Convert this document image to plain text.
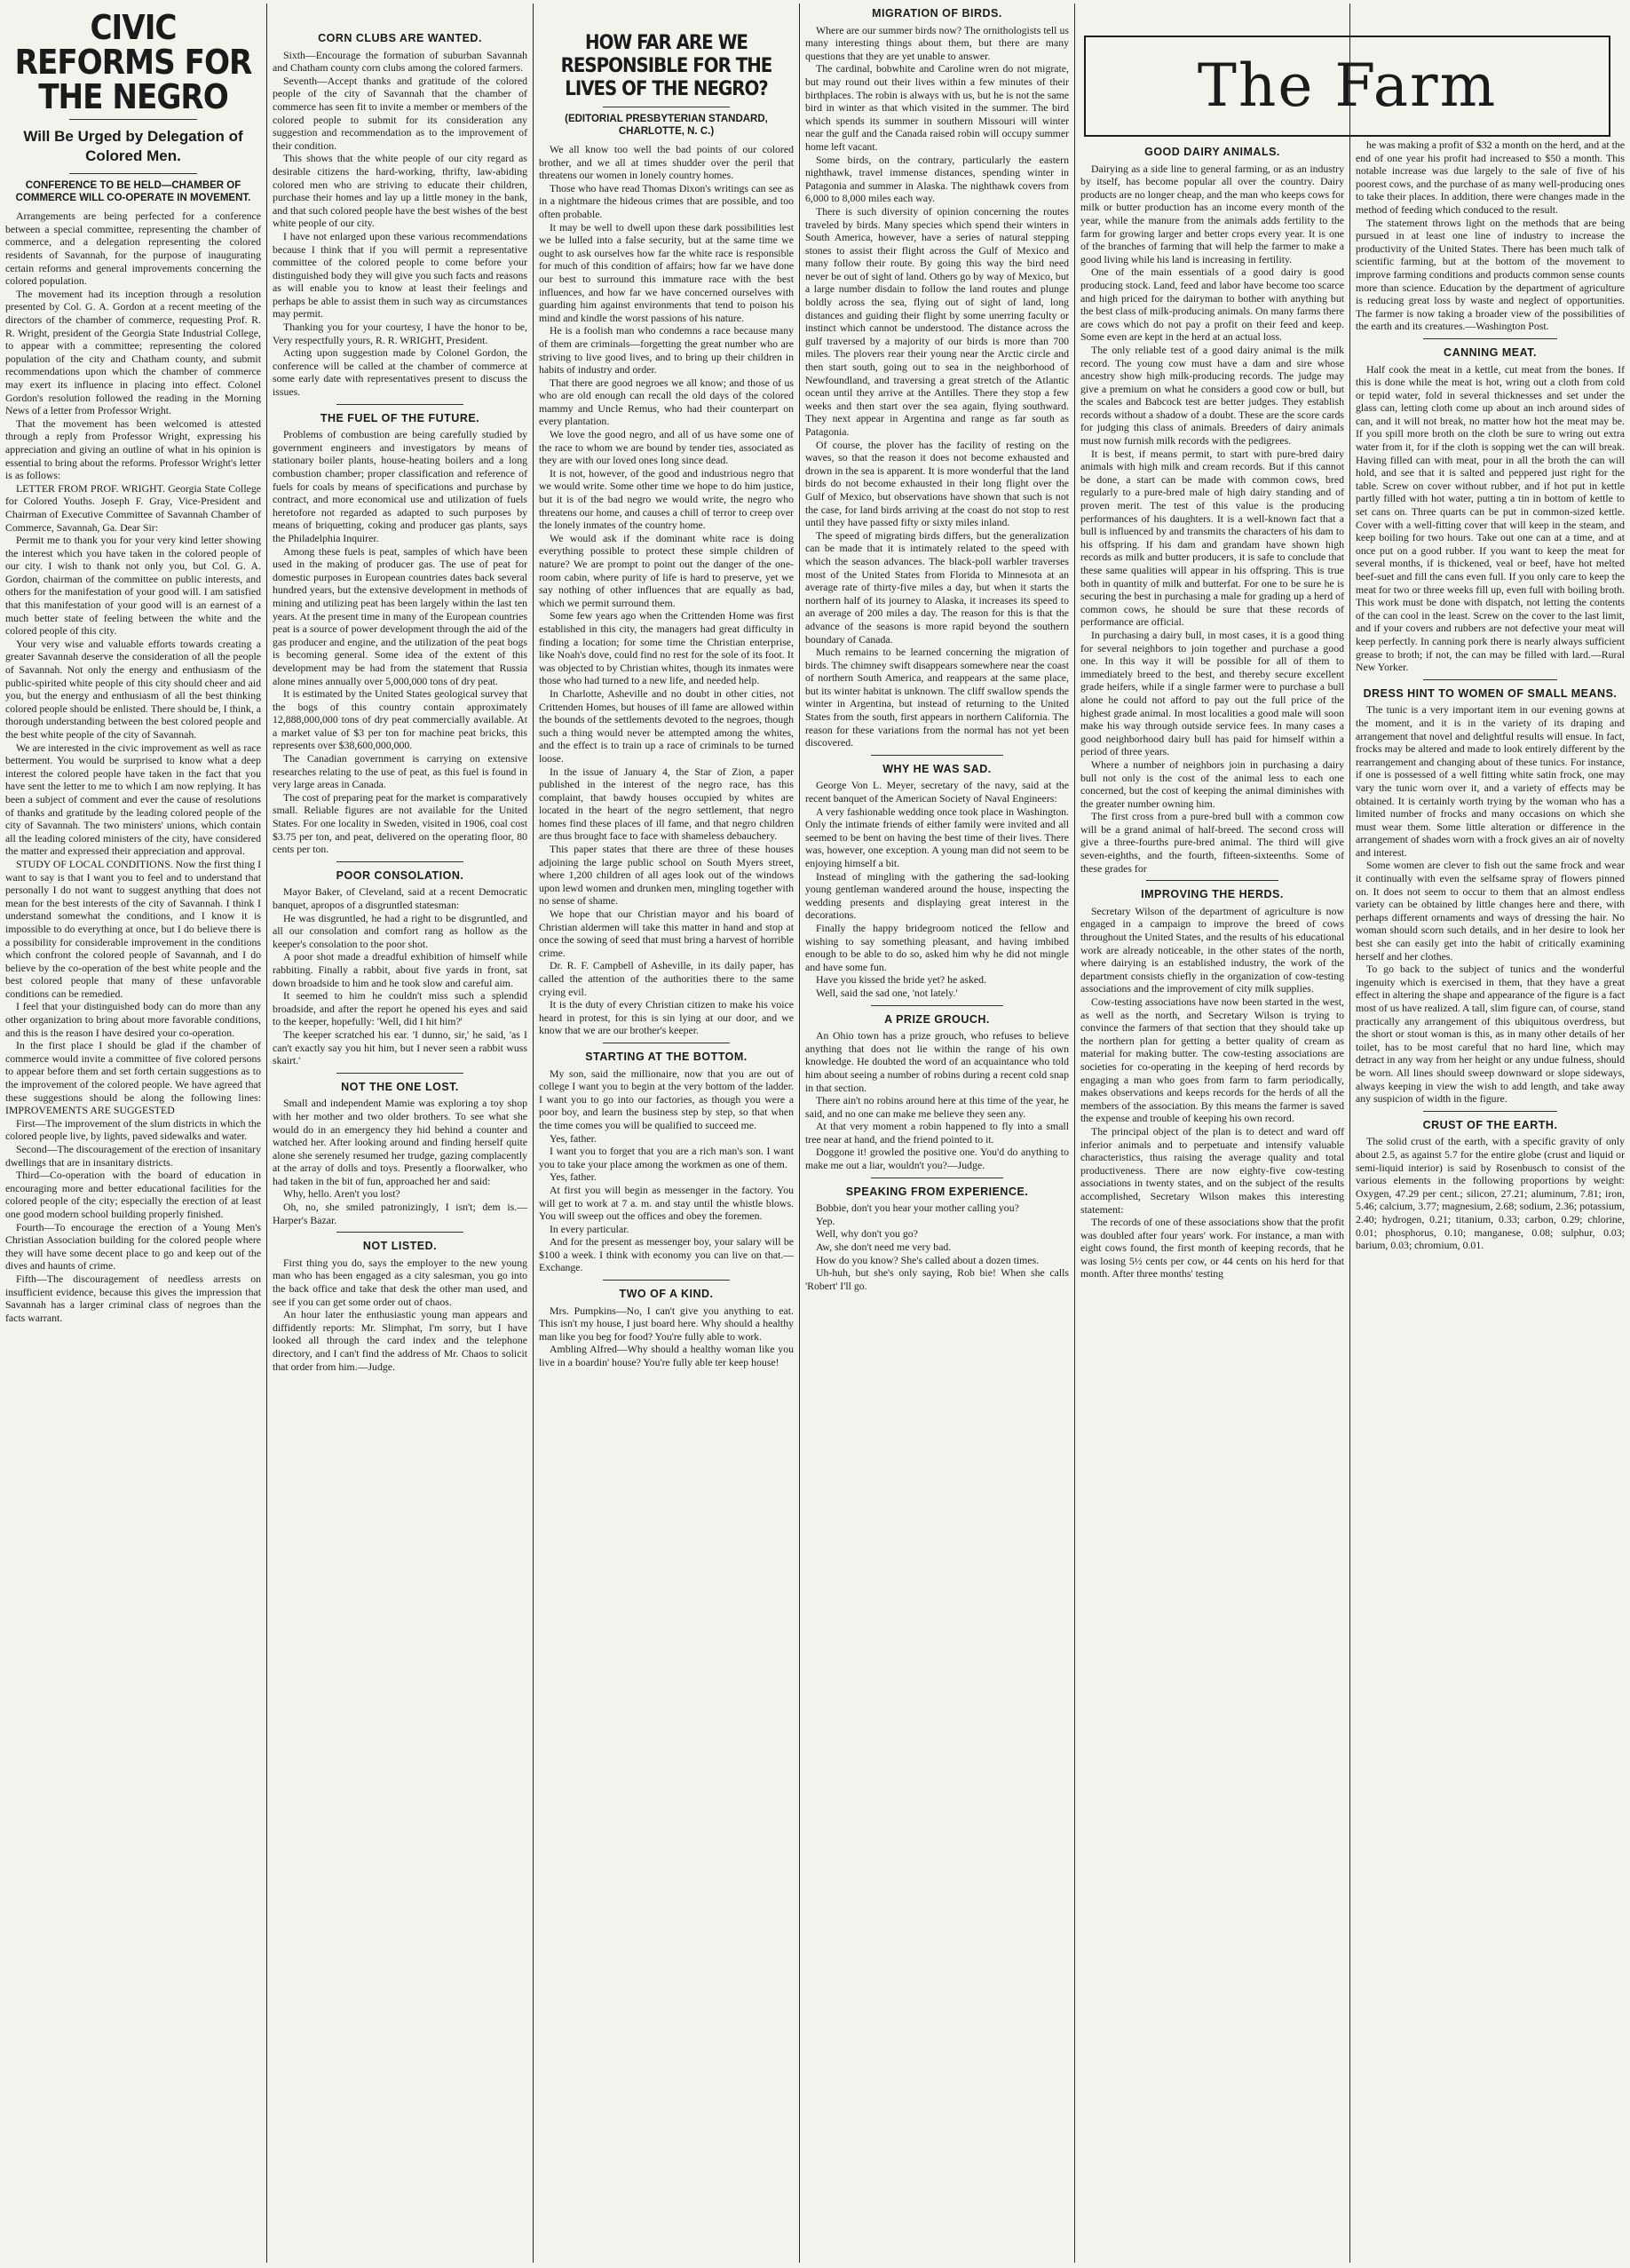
CIVIC REFORMS FOR THE NEGRO
Will Be Urged by Delegation of Colored Men.
CONFERENCE TO BE HELD—CHAMBER OF COMMERCE WILL CO-OPERATE IN MOVEMENT.

Arrangements are being perfected for a conference between a special committee, representing the chamber of commerce, and a delegation representing the colored residents of Savannah, for the purpose of inaugurating certain reforms and general improvements concerning the colored population.

The movement had its inception through a resolution presented by Col. G. A. Gordon at a recent meeting of the directors of the chamber of commerce, requesting Prof. R. R. Wright, president of the Georgia State Industrial College, to appear with a committee; representing the colored population of the city and Chatham county, and submit recommendations upon which the chamber of commerce may exert its influence in placing into effect. Colonel Gordon's resolution followed the reading in the Morning News of a letter from Professor Wright.

That the movement has been welcomed is attested through a reply from Professor Wright, expressing his appreciation and giving an outline of what in his opinion is essential to bring about the reforms. Professor Wright's letter is as follows:

LETTER FROM PROF. WRIGHT. Georgia State College for Colored Youths. Joseph F. Gray, Vice-President and Chairman of Executive Committee of Savannah Chamber of Commerce, Savannah, Ga. Dear Sir:

Permit me to thank you for your very kind letter showing the interest which you have taken in the colored people of our city. I wish to thank not only you, but Col. G. A. Gordon, chairman of the committee on public interests, and others for the manifestation of your good will. I am satisfied that this manifestation of your good will is an earnest of a much better state of feeling between the white and the colored people of this city.

Your very wise and valuable efforts towards creating a greater Savannah deserve the consideration of all the people of Savannah. Not only the energy and enthusiasm of the public-spirited white people of this city should cheer and aid you, but the energy and enthusiasm of all the best thinking colored people should be enlisted. There should be, I think, a thorough understanding between the best colored people and the best white people of the city of Savannah.

We are interested in the civic improvement as well as race betterment. You would be surprised to know what a deep interest the colored people have taken in the fact that you have sent the letter to me to which I am now replying. It has been a subject of comment and ever the cause of resolutions of thanks and gratitude by the leading colored people of the city of Savannah. The two ministers' unions, which contain all the leading colored ministers of the city, have considered the matter and expressed their appreciation and approval.

STUDY OF LOCAL CONDITIONS. Now the first thing I want to say is that I want you to feel and to understand that personally I do not want to suggest anything that does not mean for the best interests of the city of Savannah. I think I understand somewhat the conditions, and I know it is impossible to do everything at once, but I do believe there is a possibility for considerable improvement in the conditions which confront the colored people of Savannah, and I do believe by the co-operation of the best white people and the best colored people that many of these unfavorable conditions can be remedied.

I feel that your distinguished body can do more than any other organization to bring about more favorable conditions, and this is the reason I have desired your co-operation.

In the first place I should be glad if the chamber of commerce would invite a committee of five colored persons to appear before them and set forth certain suggestions as to the improvement of the colored people. We have agreed that these suggestions should be along the following lines: IMPROVEMENTS ARE SUGGESTED

First—The improvement of the slum districts in which the colored people live, by lights, paved sidewalks and water.

Second—The discouragement of the erection of insanitary dwellings that are in insanitary districts.

Third—Co-operation with the board of education in encouraging more and better educational facilities for the colored people of the city; especially the erection of at least one good modern school building properly finished.

Fourth—To encourage the erection of a Young Men's Christian Association building for the colored people where they will have some decent place to go and keep out of the dives and haunts of crime.

Fifth—The discouragement of needless arrests on insufficient evidence, because this gives the impression that Savannah has a larger criminal class of negroes than the facts warrant.

CORN CLUBS ARE WANTED.

Sixth—Encourage the formation of suburban Savannah and Chatham county corn clubs among the colored farmers.

Seventh—Accept thanks and gratitude of the colored people of the city of Savannah that the chamber of commerce has seen fit to invite a member or members of the colored people to submit for its consideration any suggestion and recommendation as to the improvement of their condition.

This shows that the white people of our city regard as desirable citizens the hard-working, thrifty, law-abiding colored men who are striving to educate their children, purchase their homes and lay up a little money in the bank, and that such colored people have the best wishes of the best white people of our city.

I have not enlarged upon these various recommendations because I think that if you will permit a representative committee of the colored people to come before your distinguished body they will give you such facts and reasons as will enable you to know at least their feelings and perhaps be able to assist them in such way as circumstances may permit.

Thanking you for your courtesy, I have the honor to be, Very respectfully yours, R. R. WRIGHT, President.

Acting upon suggestion made by Colonel Gordon, the conference will be called at the chamber of commerce at some early date with representatives present to discuss the issues.

THE FUEL OF THE FUTURE.

Problems of combustion are being carefully studied by government engineers and investigators by means of stationary boiler plants, house-heating boilers and a long combustion chamber; proper classification and reference of fuels for coals by means of specifications and purchase by contract, and more economical use and utilization of fuels heretofore not regarded as adapted to such purposes by means of briquetting, coking and producer gas plants, says the Philadelphia Inquirer.

Among these fuels is peat, samples of which have been used in the making of producer gas. The use of peat for domestic purposes in European countries dates back several hundred years, but the extensive development in methods of mining and utilizing peat has been largely within the last ten years. At the present time in many of the European countries peat is a source of power development through the aid of the gas producer and engine, and the utilization of the peat bogs is becoming general. Some idea of the extent of this development may be had from the statement that Russia alone mines annually over 5,000,000 tons of dry peat.

It is estimated by the United States geological survey that the bogs of this country contain approximately 12,888,000,000 tons of dry peat commercially available. At a market value of $3 per ton for machine peat bricks, this represents over $38,600,000,000.

The Canadian government is carrying on extensive researches relating to the use of peat, as this fuel is found in very large areas in Canada.

The cost of preparing peat for the market is comparatively small. Reliable figures are not available for the United States. For one locality in Sweden, visited in 1906, coal cost $3.75 per ton, and peat, delivered on the operating floor, 80 cents per ton.

POOR CONSOLATION.

Mayor Baker, of Cleveland, said at a recent Democratic banquet, apropos of a disgruntled statesman:

He was disgruntled, he had a right to be disgruntled, and all our consolation and comfort rang as hollow as the keeper's consolation to the poor shot.

A poor shot made a dreadful exhibition of himself while rabbiting. Finally a rabbit, about five yards in front, sat down broadside to him and he took slow and careful aim.

It seemed to him he couldn't miss such a splendid broadside, and after the report he opened his eyes and said to the keeper, hopefully: 'Well, did I hit him?'

The keeper scratched his ear. 'I dunno, sir,' he said, 'as I can't exactly say you hit him, but I never seen a rabbit wuss skairt.'

NOT THE ONE LOST.

Small and independent Mamie was exploring a toy shop with her mother and two older brothers. To see what she would do in an emergency they hid behind a counter and watched her. After looking around and finding herself quite alone she serenely resumed her trudge, gazing complacently at the array of dolls and toys. Presently a floorwalker, who had taken in the bit of fun, approached her and said:

Why, hello. Aren't you lost?

Oh, no, she smiled patronizingly, I isn't; dem is.—Harper's Bazar.

NOT LISTED.

First thing you do, says the employer to the new young man who has been engaged as a city salesman, you go into the back office and take that desk the other man used, and see if you can get some order out of chaos.

An hour later the enthusiastic young man appears and diffidently reports: Mr. Slimphat, I'm sorry, but I have looked all through the card index and the telephone directory, and I can't find the address of Mr. Chaos to solicit that order from him.—Judge.

HOW FAR ARE WE RESPONSIBLE FOR THE LIVES OF THE NEGRO?
(EDITORIAL PRESBYTERIAN STANDARD, CHARLOTTE, N. C.)

We all know too well the bad points of our colored brother, and we all at times shudder over the peril that threatens our women in lonely country homes.

Those who have read Thomas Dixon's writings can see as in a nightmare the hideous crimes that are possible, and too often probable.

It may be well to dwell upon these dark possibilities lest we be lulled into a false security, but at the same time we ought to ask ourselves how far the white race is responsible for much of this condition of affairs; how far we have done our best to surround this immature race with the best influences, and how far we have concerned ourselves with guarding him against environments that tend to poison his mind and kindle the worst passions of his nature.

He is a foolish man who condemns a race because many of them are criminals—forgetting the great number who are striving to live good lives, and to bring up their children in habits of industry and order.

That there are good negroes we all know; and those of us who are old enough can recall the old days of the colored mammy and Uncle Remus, who had their counterpart on every plantation.

We love the good negro, and all of us have some one of the race to whom we are bound by tender ties, associated as they are with our loved ones long since dead.

It is not, however, of the good and industrious negro that we would write. Some other time we hope to do him justice, but it is of the bad negro we would write, the negro who threatens our home, and causes a chill of terror to creep over the lonely inmates of the country home.

We would ask if the dominant white race is doing everything possible to protect these simple children of nature? We are prompt to point out the danger of the one-room cabin, where purity of life is hard to preserve, yet we say nothing of other influences that are equally as bad, which we permit surround them.

Some few years ago when the Crittenden Home was first established in this city, the managers had great difficulty in finding a location; for some time the Christian enterprise, like Noah's dove, could find no rest for the sole of its foot. It was objected to by Christian whites, though its inmates were those who had turned to a new life, and needed help.

In Charlotte, Asheville and no doubt in other cities, not Crittenden Homes, but houses of ill fame are allowed within the bounds of the settlements devoted to the negroes, though such a thing would never be attempted among the whites, and the effect is to train up a race of criminals to be turned loose.

In the issue of January 4, the Star of Zion, a paper published in the interest of the negro race, has this complaint, that bawdy houses occupied by whites are located in the heart of the negro settlement, that negro homes find these places of ill fame, and that negro children are thus brought face to face with shameless debauchery.

This paper states that there are three of these houses adjoining the large public school on South Myers street, where 1,200 children of all ages look out of the windows upon lewd women and drunken men, mingling together with no sense of shame.

We hope that our Christian mayor and his board of Christian aldermen will take this matter in hand and stop at once the sowing of seed that must bring a harvest of horrible crime.

Dr. R. F. Campbell of Asheville, in its daily paper, has called the attention of the authorities there to the same crying evil.

It is the duty of every Christian citizen to make his voice heard in protest, for this is sin lying at our door, and we know that we are our brother's keeper.

STARTING AT THE BOTTOM.

My son, said the millionaire, now that you are out of college I want you to begin at the very bottom of the ladder. I want you to go into our factories, as though you were a poor boy, and learn the business step by step, so that when the time comes you will be qualified to succeed me.

Yes, father.

I want you to forget that you are a rich man's son. I want you to take your place among the workmen as one of them.

Yes, father.

At first you will begin as messenger in the factory. You will get to work at 7 a. m. and stay until the whistle blows. You will sweep out the offices and obey the foremen.

In every particular.

And for the present as messenger boy, your salary will be $100 a week. I think with economy you can live on that.—Exchange.

TWO OF A KIND.

Mrs. Pumpkins—No, I can't give you anything to eat. This isn't my house, I just board here. Why should a healthy man like you beg for food? You're fully able to work.

Ambling Alfred—Why should a healthy woman like you live in a boardin' house? You're fully able ter keep house!

MIGRATION OF BIRDS.

Where are our summer birds now? The ornithologists tell us many interesting things about them, but there are many questions that they are yet unable to answer.

The cardinal, bobwhite and Caroline wren do not migrate, but may round out their lives within a few minutes of their birthplaces. The robin is always with us, but he is not the same bird in winter as that which visited in the summer. The bird which spends its summer in southern Missouri will winter near the gulf and the Canada raised robin will occupy summer home left vacant.

Some birds, on the contrary, particularly the eastern nighthawk, travel immense distances, spending winter in Patagonia and summer in Alaska. The nighthawk covers from 6,000 to 8,000 miles each way.

There is such diversity of opinion concerning the routes traveled by birds. Many species which spend their winters in South America, however, have a series of natural stepping stones to assist their flight across the Gulf of Mexico and many follow their route. By going this way the bird need never be out of sight of land. Others go by way of Mexico, but a large number disdain to follow the land routes and plunge boldly across the sea, flying out of sight of land, long distances and guiding their flight by some unerring faculty or instinct which cannot be understood. The distance across the gulf traversed by a majority of our birds is more than 700 miles. The plovers rear their young near the Arctic circle and then start south, going out to sea in the neighborhood of Newfoundland, and traversing a great stretch of the Atlantic ocean until they arrive at the Antilles. There they stop a few weeks and then start over the sea again, flying southward. They next appear in Argentina and range as far south as Patagonia.

Of course, the plover has the facility of resting on the waves, so that the reason it does not become exhausted and drown in the sea is apparent. It is more wonderful that the land birds do not become exhausted in their long flight over the Gulf of Mexico, but observations have shown that such is not the case, for land birds arriving at the coast do not stop to rest until they have passed fifty or sixty miles inland.

The speed of migrating birds differs, but the generalization can be made that it is intimately related to the speed with which the season advances. The black-poll warbler traverses most of the United States from Florida to Minnesota at an average rate of thirty-five miles a day, but when it starts the northern half of its journey to Alaska, it increases its speed to an average of 200 miles a day. The reason for this is that the advance of the seasons is more rapid beyond the southern boundary of Canada.

Much remains to be learned concerning the migration of birds. The chimney swift disappears somewhere near the coast of northern South America, and reappears at the same place, but its winter habitat is unknown. The cliff swallow spends the winter in Argentina, but instead of returning to the United States from the south, first appears in northern California. The reason for these variations from the normal has not yet been discovered.

WHY HE WAS SAD.

George Von L. Meyer, secretary of the navy, said at the recent banquet of the American Society of Naval Engineers:

A very fashionable wedding once took place in Washington. Only the intimate friends of either family were invited and all seemed to be bent on having the best time of their lives. There was, however, one exception. A young man did not seem to be enjoying himself a bit.

Instead of mingling with the gathering the sad-looking young gentleman wandered around the house, inspecting the wedding presents and displaying great interest in the decorations.

Finally the happy bridegroom noticed the fellow and wishing to say something pleasant, and having imbibed enough to be able to do so, asked him why he did not mingle and have some fun.

Have you kissed the bride yet? he asked.

Well, said the sad one, 'not lately.'

A PRIZE GROUCH.

An Ohio town has a prize grouch, who refuses to believe anything that does not lie within the range of his own knowledge. He doubted the word of an acquaintance who told him about seeing a number of robins during a recent cold snap in that section.

There ain't no robins around here at this time of the year, he said, and no one can make me believe they seen any.

At that very moment a robin happened to fly into a small tree near at hand, and the friend pointed to it.

Doggone it! growled the positive one. You'd do anything to make me out a liar, wouldn't you?—Judge.

SPEAKING FROM EXPERIENCE.

Bobbie, don't you hear your mother calling you?

Yep.

Well, why don't you go?

Aw, she don't need me very bad.

How do you know? She's called about a dozen times.

Uh-huh, but she's only saying, Rob bie! When she calls 'Robert' I'll go.

The Farm
GOOD DAIRY ANIMALS.

Dairying as a side line to general farming, or as an industry by itself, has become popular all over the country. Dairy products are no longer cheap, and the man who keeps cows for milk or butter production has an income every month of the year, while the manure from the animals adds fertility to the farm for growing larger and better crops every year. It is one of the branches of farming that will help the farmer to make a good living while his land is increasing in fertility.

One of the main essentials of a good dairy is good producing stock. Land, feed and labor have become too scarce and high priced for the dairyman to bother with anything but the best class of milk-producing animals. On many farms there are cows which do not pay a profit on their feed and keep. Some even are kept in the herd at an actual loss.

The only reliable test of a good dairy animal is the milk record. The young cow must have a dam and sire whose ancestry show high milk-producing records. The judge may give a premium on what he considers a good cow or bull, but the scales and Babcock test are better judges. They establish records without a shadow of a doubt. These are the score cards for judging this class of animals. Breeders of dairy animals must now furnish milk records with the pedigrees.

It is best, if means permit, to start with pure-bred dairy animals with high milk and cream records. But if this cannot be done, a start can be made with common cows, bred regularly to a pure-bred male of high dairy standing and of proven merit. The test of this value is the producing performances of his daughters. It is a well-known fact that a bull is influenced by and transmits the characters of his dam to his offspring. If his dam and grandam have shown high records as milk and butter producers, it is safe to conclude that these same qualities will appear in his offspring. This is true both in quantity of milk and butterfat. For one to be sure he is securing the best in purchasing a male for grading up a herd of common cows, he should be sure that these records of performance are official.

In purchasing a dairy bull, in most cases, it is a good thing for several neighbors to join together and purchase a good one. In this way it will be possible for all of them to immediately breed to the best, and thereby secure excellent grade heifers, while if a single farmer were to purchase a bull alone he could not afford to pay out the full price of the highest grade animal. In most localities a good male will soon make his way through outside service fees. In many cases a good neighborhood dairy bull has paid for himself within a period of three years.

Where a number of neighbors join in purchasing a dairy bull not only is the cost of the animal less to each one concerned, but the cost of keeping the animal diminishes with the greater number owning him.

The first cross from a pure-bred bull with a common cow will be a grand animal of half-breed. The second cross will give a three-fourths pure-bred animal. The third will give seven-eighths, and the fourth, fifteen-sixteenths. Some of these grades for

IMPROVING THE HERDS.

Secretary Wilson of the department of agriculture is now engaged in a campaign to improve the breed of cows throughout the United States, and the results of his educational work are already noticeable, in the other states of the north, where dairying is an established industry, the work of the department consists chiefly in the organization of cow-testing associations and the improvement of city milk supplies.

Cow-testing associations have now been started in the west, as well as the north, and Secretary Wilson is trying to convince the farmers of that section that they should take up the northern plan for getting a better quality of cream as material for making butter. The cow-testing associations are societies for co-operating in the keeping of herd records by engaging a man who goes from farm to farm periodically, makes observations and keeps records for the herds of all the members of the association. By this means the farmer is saved the expense and trouble of keeping his own record.

The principal object of the plan is to detect and ward off inferior animals and to perpetuate and intensify valuable characteristics, thus raising the average quality and total productiveness. There are now eighty-five cow-testing associations in twenty states, and on the subject of the results accomplished, Secretary Wilson makes this interesting statement:

The records of one of these associations show that the profit was doubled after four years' work. For instance, a man with eight cows found, the first month of keeping records, that he was losing 5½ cents per cow, or 44 cents on his herd for that month. After three months' testing

he was making a profit of $32 a month on the herd, and at the end of one year his profit had increased to $50 a month. This notable increase was due largely to the sale of five of his poorest cows, and the purchase of as many well-producing ones to take their places. In addition, there were changes made in the method of feeding which conduced to the result.

The statement throws light on the methods that are being pursued in at least one line of industry to increase the productivity of the United States. There has been much talk of scientific farming, but at the bottom of the movement to improve farming conditions and products common sense counts more than science. Education by the department of agriculture is reducing great loss by waste and neglect of opportunities. The farmer is now taking a broader view of the possibilities of the earth and its creatures.—Washington Post.

CANNING MEAT.

Half cook the meat in a kettle, cut meat from the bones. If this is done while the meat is hot, wring out a cloth from cold or tepid water, fold in several thicknesses and set under the glass can, letting cloth come up about an inch around sides of can, and it will not break, no matter how hot the meat may be. If you spill more broth on the cloth be sure to wring out extra water from it, for if the cloth is sopping wet the can will break. Having filled can with meat, pour in all the broth the can will hold, and see that it is salted and peppered just right for the table. Screw on cover without rubber, and if hot put in kettle partly filled with hot water, putting a tin in bottom of kettle to set cans on. Three quarts can be put in common-sized kettle. Cover with a well-fitting cover that will keep in the steam, and keep boiling for two hours. Take out one can at a time, and at once put on a good rubber. If you want to keep the meat for several months, if is thickened, veal or beef, have hot melted beef-suet and fill the cans even full. If you only care to keep the meat for two or three weeks fill up, even full with boiling broth. This work must be done with dispatch, not letting the contents of the can cool in the least. Screw on the cover to the last limit, and if your covers and rubbers are not defective your meat will keep perfectly. In canning pork there is nearly always sufficient grease to broth; if not, the can may be filled with lard.—Rural New Yorker.

DRESS HINT TO WOMEN OF SMALL MEANS.

The tunic is a very important item in our evening gowns at the moment, and it is in the variety of its draping and arrangement that novel and delightful results will ensue. In fact, frocks may be altered and made to look entirely different by the rearrangement and changing about of these tunics. For instance, if one is possessed of a well fitting white satin frock, one may vary the tunic worn over it, and a variety of effects may be obtained. It is certainly worth trying by the woman who has a limited number of frocks and many occasions on which she must wear them. Some little alteration or difference in the arrangement of shades worn with a frock gives an air of novelty and interest.

Some women are clever to fish out the same frock and wear it continually with even the selfsame spray of flowers pinned on. It does not seem to occur to them that an almost endless variety can be obtained by little changes here and there, with perhaps different ornaments and ways of dressing the hair. No woman should scorn such details, and in her desire to look her best she can easily get into the habit of critically examining herself and her clothes.

To go back to the subject of tunics and the wonderful ingenuity which is exercised in them, that they have a great effect in altering the shape and appearance of the figure is a fact most of us have realized. A tall, slim figure can, of course, stand practically any arrangement of this ubiquitous overdress, but the short or stout woman is this, as in many other details of her toilet, has to be most careful that no hard line, which may detract in any way from her height or any undue fulness, should be worn. All lines should sweep downward or slope sideways, always keeping in view the wish to add length, and take away any suspicion of width in the figure.

CRUST OF THE EARTH.

The solid crust of the earth, with a specific gravity of only about 2.5, as against 5.7 for the entire globe (crust and liquid or semi-liquid interior) is said by Rosenbusch to consist of the various elements in the following proportions by weight: Oxygen, 47.29 per cent.; silicon, 27.21; aluminum, 7.81; iron, 5.46; calcium, 3.77; magnesium, 2.68; sodium, 2.36; potassium, 2.40; hydrogen, 0.21; titanium, 0.33; carbon, 0.29; chlorine, 0.01; phosphorus, 0.10; manganese, 0.08; sulphur, 0.03; barium, 0.03; chromium, 0.01.
